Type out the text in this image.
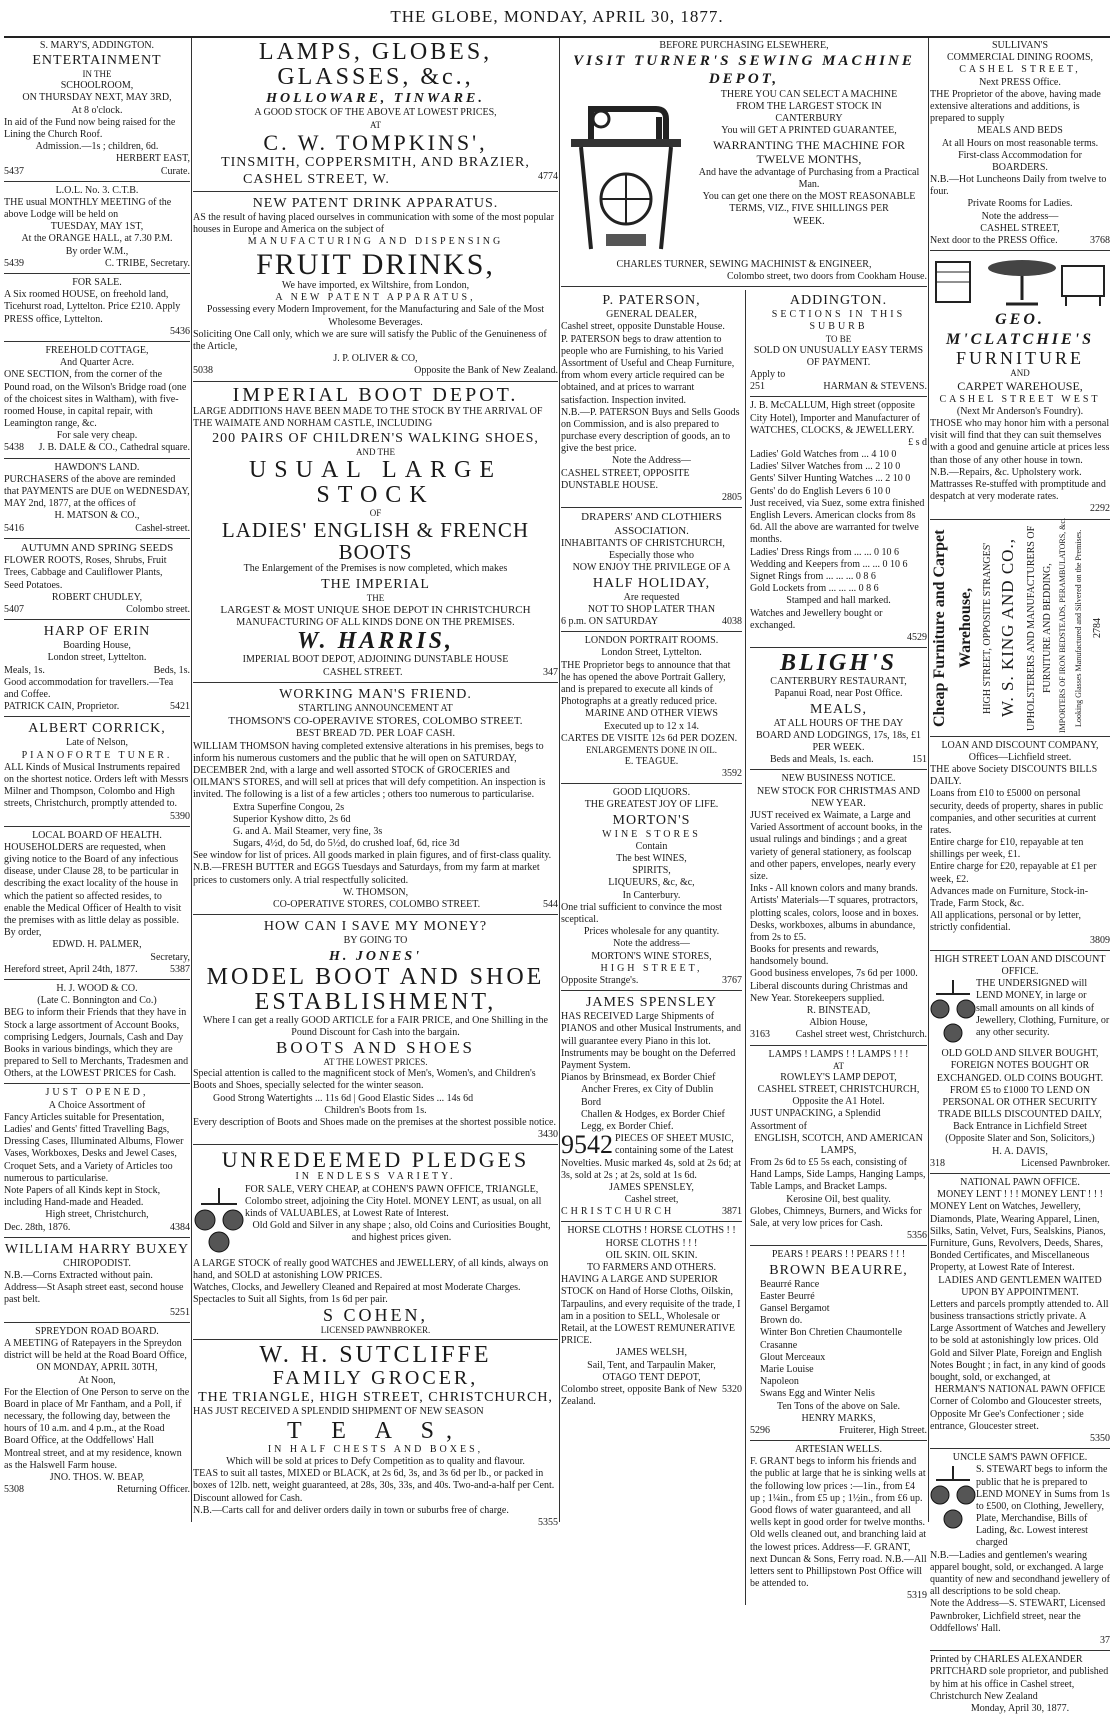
THE GLOBE, MONDAY, APRIL 30, 1877.
S. MARY'S, ADDINGTON.
ENTERTAINMENT
IN THE
SCHOOLROOM,
ON THURSDAY NEXT, MAY 3RD,
At 8 o'clock.
In aid of the Fund now being raised for the Lining the Church Roof.
Admission.—1s ; children, 6d.
HERBERT EAST,
5437	Curate.
L.O.L. No. 3. C.T.B.
THE usual MONTHLY MEETING of the above Lodge will be held on
TUESDAY, MAY 1ST,
At the ORANGE HALL, at 7.30 P.M.
By order W.M.,
5439	C. TRIBE, Secretary.
FOR SALE.
A Six roomed HOUSE, on freehold land, Ticehurst road, Lyttelton. Price £210. Apply PRESS office, Lyttelton.
5436
FREEHOLD COTTAGE,
And Quarter Acre.
ONE SECTION, from the corner of the Pound road, on the Wilson's Bridge road (one of the choicest sites in Waltham), with five-roomed House, in capital repair, with Leamington range, &c.
For sale very cheap.
5438 J. B. DALE & CO., Cathedral square.
HAWDON'S LAND.
PURCHASERS of the above are reminded that PAYMENTS are DUE on WEDNESDAY, MAY 2nd, 1877, at the offices of
H. MATSON & CO.,
5416	Cashel-street.
AUTUMN AND SPRING SEEDS
FLOWER ROOTS, Roses, Shrubs, Fruit Trees, Cabbage and Cauliflower Plants,
Seed Potatoes.
ROBERT CHUDLEY,
5407	Colombo street.
HARP OF ERIN
Boarding House,
London street, Lyttelton.
Meals, 1s.	Beds, 1s.
Good accommodation for travellers.—Tea and Coffee.
PATRICK CAIN, Proprietor.	5421
ALBERT CORRICK,
Late of Nelson,
PIANOFORTE TUNER.
ALL Kinds of Musical Instruments repaired on the shortest notice. Orders left with Messrs Milner and Thompson, Colombo and High streets, Christchurch, promptly attended to.
5390
LOCAL BOARD OF HEALTH.
HOUSEHOLDERS are requested, when giving notice to the Board of any infectious disease, under Clause 28, to be particular in describing the exact locality of the house in which the patient so affected resides, to enable the Medical Officer of Health to visit the premises with as little delay as possible.
By order,
EDWD. H. PALMER,
Secretary,
Hereford street, April 24th, 1877.	5387
H. J. WOOD & CO.
(Late C. Bonnington and Co.)
BEG to inform their Friends that they have in Stock a large assortment of Account Books, comprising Ledgers, Journals, Cash and Day Books in various bindings, which they are prepared to Sell to Merchants, Tradesmen and Others, at the LOWEST PRICES for Cash.
JUST OPENED,
A Choice Assortment of
Fancy Articles suitable for Presentation, Ladies' and Gents' fitted Travelling Bags, Dressing Cases, Illuminated Albums, Flower Vases, Workboxes, Desks and Jewel Cases, Croquet Sets, and a Variety of Articles too numerous to particularise.
Note Papers of all Kinds kept in Stock, including Hand-made and Headed.
High street, Christchurch,
Dec. 28th, 1876.	4384
WILLIAM HARRY BUXEY
CHIROPODIST.
N.B.—Corns Extracted without pain.
Address—St Asaph street east, second house past belt.
5251
SPREYDON ROAD BOARD.
A MEETING of Ratepayers in the Spreydon district will be held at the Road Board Office,
ON MONDAY, APRIL 30TH,
At Noon,
For the Election of One Person to serve on the Board in place of Mr Fantham, and a Poll, if necessary, the following day, between the hours of 10 a.m. and 4 p.m., at the Road Board Office, at the Oddfellows' Hall Montreal street, and at my residence, known as the Halswell Farm house.
JNO. THOS. W. BEAP,
5308	Returning Officer.
LAMPS, GLOBES, GLASSES, &c.,
HOLLOWARE, TINWARE.
A GOOD STOCK OF THE ABOVE AT LOWEST PRICES,
AT
C. W. TOMPKINS',
TINSMITH, COPPERSMITH, AND BRAZIER,
CASHEL STREET, W.	4774
NEW PATENT DRINK APPARATUS.
AS the result of having placed ourselves in communication with some of the most popular houses in Europe and America on the subject of
MANUFACTURING AND DISPENSING
FRUIT DRINKS,
We have imported, ex Wiltshire, from London,
A NEW PATENT APPARATUS,
Possessing every Modern Improvement, for the Manufacturing and Sale of the Most Wholesome Beverages.
Soliciting One Call only, which we are sure will satisfy the Public of the Genuineness of the Article,
J. P. OLIVER & CO,
5038	Opposite the Bank of New Zealand.
IMPERIAL BOOT DEPOT.
LARGE ADDITIONS HAVE BEEN MADE TO THE STOCK BY THE ARRIVAL OF THE WAIMATE AND NORHAM CASTLE, INCLUDING
200 PAIRS OF CHILDREN'S WALKING SHOES,
AND THE
USUAL LARGE STOCK
OF
LADIES' ENGLISH & FRENCH BOOTS
The Enlargement of the Premises is now completed, which makes
THE IMPERIAL
THE
LARGEST & MOST UNIQUE SHOE DEPOT IN CHRISTCHURCH
MANUFACTURING OF ALL KINDS DONE ON THE PREMISES.
W. HARRIS,
IMPERIAL BOOT DEPOT, ADJOINING DUNSTABLE HOUSE
CASHEL STREET.	347
WORKING MAN'S FRIEND.
STARTLING ANNOUNCEMENT AT
THOMSON'S CO-OPERAVIVE STORES, COLOMBO STREET.
BEST BREAD 7D. PER LOAF CASH.
WILLIAM THOMSON having completed extensive alterations in his premises, begs to inform his numerous customers and the public that he will open on SATURDAY, DECEMBER 2nd, with a large and well assorted STOCK of GROCERIES and OILMAN'S STORES, and will sell at prices that will defy competition. An inspection is invited. The following is a list of a few articles ; others too numerous to particularise.
Extra Superfine Congou, 2s
Superior Kyshow ditto, 2s 6d
G. and A. Mail Steamer, very fine, 3s
Sugars, 4½d, do 5d, do 5½d, do crushed loaf, 6d, rice 3d
See window for list of prices. All goods marked in plain figures, and of first-class quality.
N.B.—FRESH BUTTER and EGGS Tuesdays and Saturdays, from my farm at market prices to customers only. A trial respectfully solicited.
W. THOMSON,
CO-OPERATIVE STORES, COLOMBO STREET.	544
HOW CAN I SAVE MY MONEY?
BY GOING TO
H. JONES'
MODEL BOOT AND SHOE ESTABLISHMENT,
Where I can get a really GOOD ARTICLE for a FAIR PRICE, and One Shilling in the Pound Discount for Cash into the bargain.
BOOTS AND SHOES
AT THE LOWEST PRICES.
Special attention is called to the magnificent stock of Men's, Women's, and Children's Boots and Shoes, specially selected for the winter season.
Good Strong Watertights ... 11s 6d | Good Elastic Sides ... 14s 6d
Children's Boots from 1s.
Every description of Boots and Shoes made on the premises at the shortest possible notice.
3430
UNREDEEMED PLEDGES
IN ENDLESS VARIETY.
FOR SALE, VERY CHEAP, at COHEN'S PAWN OFFICE, TRIANGLE, Colombo street, adjoining the City Hotel. MONEY LENT, as usual, on all kinds of VALUABLES, at Lowest Rate of Interest.
Old Gold and Silver in any shape ; also, old Coins and Curiosities Bought, and highest prices given.
A LARGE STOCK of really good WATCHES and JEWELLERY, of all kinds, always on hand, and SOLD at astonishing LOW PRICES.
Watches, Clocks, and Jewellery Cleaned and Repaired at most Moderate Charges. Spectacles to Suit all Sights, from 1s 6d per pair.
S COHEN,
LICENSED PAWNBROKER.
W. H. SUTCLIFFE
FAMILY GROCER,
THE TRIANGLE, HIGH STREET, CHRISTCHURCH,
HAS JUST RECEIVED A SPLENDID SHIPMENT OF NEW SEASON
T E A S,
IN HALF CHESTS AND BOXES,
Which will be sold at prices to Defy Competition as to quality and flavour.
TEAS to suit all tastes, MIXED or BLACK, at 2s 6d, 3s, and 3s 6d per lb., or packed in boxes of 12lb. nett, weight guaranteed, at 28s, 30s, 33s, and 40s. Two-and-a-half per Cent. Discount allowed for Cash.
N.B.—Carts call for and deliver orders daily in town or suburbs free of charge.
5355
BEFORE PURCHASING ELSEWHERE,
VISIT TURNER'S SEWING MACHINE DEPOT,
THERE YOU CAN SELECT A MACHINE
FROM THE LARGEST STOCK IN
CANTERBURY
You will GET A PRINTED GUARANTEE,
WARRANTING THE MACHINE FOR
TWELVE MONTHS,
And have the advantage of Purchasing from a Practical Man.
You can get one there on the MOST REASONABLE
TERMS, VIZ., FIVE SHILLINGS PER
WEEK.
CHARLES TURNER, SEWING MACHINIST & ENGINEER,
Colombo street, two doors from Cookham House.
P. PATERSON,
GENERAL DEALER,
Cashel street, opposite Dunstable House.
P. PATERSON begs to draw attention to people who are Furnishing, to his Varied Assortment of Useful and Cheap Furniture, from whom every article required can be obtained, and at prices to warrant satisfaction. Inspection invited.
N.B.—P. PATERSON Buys and Sells Goods on Commission, and is also prepared to purchase every description of goods, an to give the best price.
Note the Address—
CASHEL STREET, OPPOSITE DUNSTABLE HOUSE.
2805
DRAPERS' AND CLOTHIERS ASSOCIATION.
INHABITANTS OF CHRISTCHURCH,
Especially those who
NOW ENJOY THE PRIVILEGE OF A
HALF HOLIDAY,
Are requested
NOT TO SHOP LATER THAN
6 p.m. ON SATURDAY	4038
LONDON PORTRAIT ROOMS.
London Street, Lyttelton.
THE Proprietor begs to announce that that he has opened the above Portrait Gallery, and is prepared to execute all kinds of Photographs at a greatly reduced price.
MARINE AND OTHER VIEWS
Executed up to 12 x 14.
CARTES DE VISITE 12s 6d PER DOZEN.
ENLARGEMENTS DONE IN OIL.
E. TEAGUE.
3592
GOOD LIQUORS.
THE GREATEST JOY OF LIFE.
MORTON'S
WINE STORES
Contain
The best WINES,
SPIRITS,
LIQUEURS, &c, &c,
In Canterbury.
One trial sufficient to convince the most sceptical.
Prices wholesale for any quantity.
Note the address—
MORTON'S WINE STORES,
HIGH STREET,
Opposite Strange's.	3767
JAMES SPENSLEY
HAS RECEIVED Large Shipments of PIANOS and other Musical Instruments, and will guarantee every Piano in this lot. Instruments may be bought on the Deferred Payment System.
Pianos by Brinsmead, ex Border Chief
Ancher Freres, ex City of Dublin
Bord
Challen & Hodges, ex Border Chief
Legg, ex Border Chief.
9542 PIECES OF SHEET MUSIC, containing some of the Latest Novelties. Music marked 4s, sold at 2s 6d; at 3s, sold at 2s ; at 2s, sold at 1s 6d.
JAMES SPENSLEY,
Cashel street,
CHRISTCHURCH	3871
HORSE CLOTHS ! HORSE CLOTHS ! !
HORSE CLOTHS ! ! !
OIL SKIN. OIL SKIN.
TO FARMERS AND OTHERS.
HAVING A LARGE AND SUPERIOR STOCK on Hand of Horse Cloths, Oilskin, Tarpaulins, and every requisite of the trade, I am in a position to SELL, Wholesale or Retail, at the LOWEST REMUNERATIVE PRICE.
JAMES WELSH,
Sail, Tent, and Tarpaulin Maker,
OTAGO TENT DEPOT,
Colombo street, opposite Bank of New Zealand.
5320
ADDINGTON.
SECTIONS IN THIS SUBURB
TO BE
SOLD ON UNUSUALLY EASY TERMS OF PAYMENT.
Apply to
251	HARMAN & STEVENS.
J. B. McCALLUM, High street (opposite City Hotel), Importer and Manufacturer of
WATCHES, CLOCKS, & JEWELLERY.
£ s d
Ladies' Gold Watches from ... 4 10 0
Ladies' Silver Watches from ... 2 10 0
Gents' Silver Hunting Watches ... 2 10 0
Gents' do do English Levers 6 10 0
Just received, via Suez, some extra finished English Levers. American clocks from 8s 6d. All the above are warranted for twelve months.
Ladies' Dress Rings from ... ... 0 10 6
Wedding and Keepers from ... ... 0 10 6
Signet Rings from ... ... ... 0 8 6
Gold Lockets from ... ... ... 0 8 6
Stamped and hall marked.
Watches and Jewellery bought or exchanged.
4529
BLIGH'S
CANTERBURY RESTAURANT,
Papanui Road, near Post Office.
MEALS,
AT ALL HOURS OF THE DAY
BOARD AND LODGINGS, 17s, 18s, £1 PER WEEK.
Beds and Meals, 1s. each.	151
NEW BUSINESS NOTICE.
NEW STOCK FOR CHRISTMAS AND NEW YEAR.
JUST received ex Waimate, a Large and Varied Assortment of account books, in the usual rulings and bindings ; and a great variety of general stationery, as foolscap and other papers, envelopes, nearly every size.
Inks - All known colors and many brands. Artists' Materials—T squares, protractors, plotting scales, colors, loose and in boxes. Desks, workboxes, albums in abundance, from 2s to £5.
Books for presents and rewards, handsomely bound.
Good business envelopes, 7s 6d per 1000.
Liberal discounts during Christmas and New Year. Storekeepers supplied.
R. BINSTEAD,
Albion House,
3163	Cashel street west, Christchurch.
LAMPS ! LAMPS ! ! LAMPS ! ! !
AT
ROWLEY'S LAMP DEPOT,
CASHEL STREET, CHRISTCHURCH,
Opposite the A1 Hotel.
JUST UNPACKING, a Splendid Assortment of
ENGLISH, SCOTCH, AND AMERICAN LAMPS,
From 2s 6d to £5 5s each, consisting of Hand Lamps, Side Lamps, Hanging Lamps, Table Lamps, and Bracket Lamps.
Kerosine Oil, best quality.
Globes, Chimneys, Burners, and Wicks for Sale, at very low prices for Cash.
5356
PEARS ! PEARS ! ! PEARS ! ! !
BROWN BEAURRE,
Beaurré Rance
Easter Beurré
Gansel Bergamot
Brown do.
Winter Bon Chretien Chaumontelle
Crasanne
Glout Merceaux
Marie Louise
Napoleon
Swans Egg and Winter Nelis
Ten Tons of the above on Sale.
HENRY MARKS,
5296	Fruiterer, High Street.
ARTESIAN WELLS.
F. GRANT begs to inform his friends and the public at large that he is sinking wells at the following low prices :—1in., from £4 up ; 1¼in., from £5 up ; 1½in., from £6 up. Good flows of water guaranteed, and all wells kept in good order for twelve months. Old wells cleaned out, and branching laid at the lowest prices. Address—F. GRANT, next Duncan & Sons, Ferry road. N.B.—All letters sent to Phillipstown Post Office will be attended to.
5319
SULLIVAN'S
COMMERCIAL DINING ROOMS,
CASHEL STREET,
Next PRESS Office.
THE Proprietor of the above, having made extensive alterations and additions, is prepared to supply
MEALS AND BEDS
At all Hours on most reasonable terms.
First-class Accommodation for BOARDERS.
N.B.—Hot Luncheons Daily from twelve to four.
Private Rooms for Ladies.
Note the address—
CASHEL STREET,
Next door to the PRESS Office.	3768
GEO. M'CLATCHIE'S
FURNITURE
AND
CARPET WAREHOUSE,
CASHEL STREET WEST
(Next Mr Anderson's Foundry).
THOSE who may honor him with a personal visit will find that they can suit themselves with a good and genuine article at prices less than those of any other house in town.
N.B.—Repairs, &c. Upholstery work. Mattrasses Re-stuffed with promptitude and despatch at very moderate rates.
2292
Cheap Furniture and Carpet Warehouse, HIGH STREET, OPPOSITE STRANGES' W. S. KING AND CO., UPHOLSTERERS AND MANUFACTURERS OF FURNITURE AND BEDDING, IMPORTERS OF IRON BEDSTEADS, PERAMBULATORS, &c. Looking Glasses Manufactured and Silvered on the Premises. 2784
LOAN AND DISCOUNT COMPANY,
Offices—Lichfield street.
THE above Society DISCOUNTS BILLS DAILY.
Loans from £10 to £5000 on personal security, deeds of property, shares in public companies, and other securities at current rates.
Entire charge for £10, repayable at ten shillings per week, £1.
Entire charge for £20, repayable at £1 per week, £2.
Advances made on Furniture, Stock-in-Trade, Farm Stock, &c.
All applications, personal or by letter, strictly confidential.
3809
HIGH STREET LOAN AND DISCOUNT OFFICE.
THE UNDERSIGNED will LEND MONEY, in large or small amounts on all kinds of Jewellery, Clothing, Furniture, or any other security.
OLD GOLD AND SILVER BOUGHT, FOREIGN NOTES BOUGHT OR EXCHANGED. OLD COINS BOUGHT.
FROM £5 to £1000 TO LEND ON PERSONAL OR OTHER SECURITY
TRADE BILLS DISCOUNTED DAILY, Back Entrance in Lichfield Street
(Opposite Slater and Son, Solicitors,)
H. A. DAVIS,
318	Licensed Pawnbroker.
NATIONAL PAWN OFFICE.
MONEY LENT ! ! ! MONEY LENT ! ! !
MONEY Lent on Watches, Jewellery, Diamonds, Plate, Wearing Apparel, Linen, Silks, Satin, Velvet, Furs, Sealskins, Pianos, Furniture, Guns, Revolvers, Deeds, Shares, Bonded Certificates, and Miscellaneous Property, at Lowest Rate of Interest.
LADIES AND GENTLEMEN WAITED UPON BY APPOINTMENT.
Letters and parcels promptly attended to. All business transactions strictly private. A Large Assortment of Watches and Jewellery to be sold at astonishingly low prices. Old Gold and Silver Plate, Foreign and English Notes Bought ; in fact, in any kind of goods bought, sold, or exchanged, at
HERMAN'S NATIONAL PAWN OFFICE
Corner of Colombo and Gloucester streets, Opposite Mr Gee's Confectioner ; side entrance, Gloucester street.
5350
UNCLE SAM'S PAWN OFFICE.
S. STEWART begs to inform the public that he is prepared to LEND MONEY in Sums from 1s to £500, on Clothing, Jewellery, Plate, Merchandise, Bills of Lading, &c. Lowest interest charged
N.B.—Ladies and gentlemen's wearing apparel bought, sold, or exchanged. A large quantity of new and secondhand jewellery of all descriptions to be sold cheap.
Note the Address—S. STEWART, Licensed Pawnbroker, Lichfield street, near the Oddfellows' Hall.
37
Printed by CHARLES ALEXANDER PRITCHARD sole proprietor, and published by him at his office in Cashel street, Christchurch New Zealand
Monday, April 30, 1877.
